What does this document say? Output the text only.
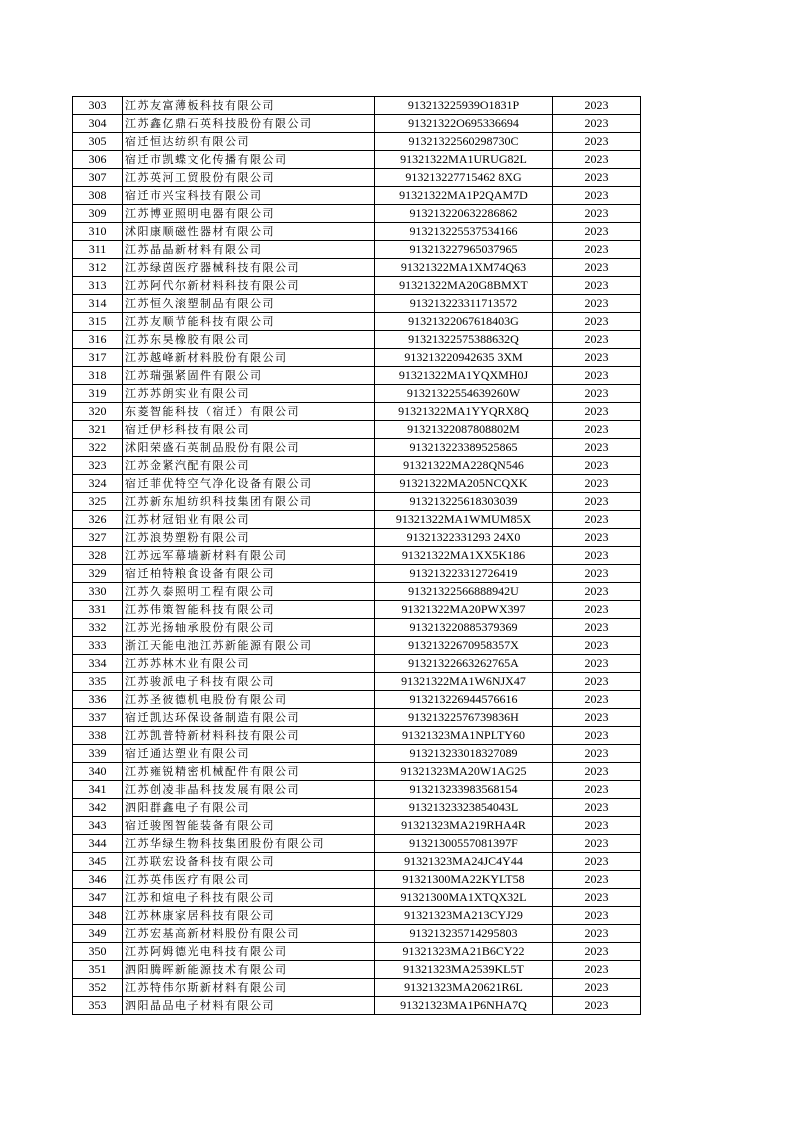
303	江苏友富薄板科技有限公司	913213225939O1831P	2023
304	江苏鑫亿鼎石英科技股份有限公司	91321322O695336694	2023
305	宿迁恒达纺织有限公司	91321322560298730C	2023
306	宿迁市凯蝶文化传播有限公司	91321322MA1URUG82L	2023
307	江苏英河工贸股份有限公司	913213227715462 8XG	2023
308	宿迁市兴宝科技有限公司	91321322MA1P2QAM7D	2023
309	江苏博亚照明电器有限公司	913213220632286862	2023
310	沭阳康顺磁性器材有限公司	913213225537534166	2023
311	江苏晶晶新材料有限公司	913213227965037965	2023
312	江苏绿茵医疗器械科技有限公司	91321322MA1XM74Q63	2023
313	江苏阿代尔新材料科技有限公司	91321322MA20G8BMXT	2023
314	江苏恒久滚塑制品有限公司	913213223311713572	2023
315	江苏友顺节能科技有限公司	91321322067618403G	2023
316	江苏东昊橡胶有限公司	91321322575388632Q	2023
317	江苏越峰新材料股份有限公司	913213220942635 3XM	2023
318	江苏瑞强紧固件有限公司	91321322MA1YQXMH0J	2023
319	江苏苏朗实业有限公司	91321322554639260W	2023
320	东菱智能科技（宿迁）有限公司	91321322MA1YYQRX8Q	2023
321	宿迁伊杉科技有限公司	91321322087808802M	2023
322	沭阳荣盛石英制品股份有限公司	913213223389525865	2023
323	江苏金紧汽配有限公司	91321322MA228QN546	2023
324	宿迁菲优特空气净化设备有限公司	91321322MA205NCQXK	2023
325	江苏新东旭纺织科技集团有限公司	913213225618303039	2023
326	江苏材冠铝业有限公司	91321322MA1WMUM85X	2023
327	江苏浪势塑粉有限公司	91321322331293 24X0	2023
328	江苏远军幕墙新材料有限公司	91321322MA1XX5K186	2023
329	宿迁柏特粮食设备有限公司	913213223312726419	2023
330	江苏久泰照明工程有限公司	91321322566888942U	2023
331	江苏伟策智能科技有限公司	91321322MA20PWX397	2023
332	江苏光扬轴承股份有限公司	913213220885379369	2023
333	浙江天能电池江苏新能源有限公司	91321322670958357X	2023
334	江苏苏林木业有限公司	91321322663262765A	2023
335	江苏骏派电子科技有限公司	91321322MA1W6NJX47	2023
336	江苏圣彼德机电股份有限公司	913213226944576616	2023
337	宿迁凯达环保设备制造有限公司	91321322576739836H	2023
338	江苏凯普特新材料科技有限公司	91321323MA1NPLTY60	2023
339	宿迁通达塑业有限公司	913213233018327089	2023
340	江苏雍锐精密机械配件有限公司	91321323MA20W1AG25	2023
341	江苏创凌非晶科技发展有限公司	913213233983568154	2023
342	泗阳群鑫电子有限公司	91321323323854043L	2023
343	宿迁骏图智能装备有限公司	91321323MA219RHA4R	2023
344	江苏华绿生物科技集团股份有限公司	91321300557081397F	2023
345	江苏联宏设备科技有限公司	91321323MA24JC4Y44	2023
346	江苏英伟医疗有限公司	91321300MA22KYLT58	2023
347	江苏和煊电子科技有限公司	91321300MA1XTQX32L	2023
348	江苏林康家居科技有限公司	91321323MA213CYJ29	2023
349	江苏宏基高新材料股份有限公司	913213235714295803	2023
350	江苏阿姆德光电科技有限公司	91321323MA21B6CY22	2023
351	泗阳腾晖新能源技术有限公司	91321323MA2539KL5T	2023
352	江苏特伟尔斯新材料有限公司	91321323MA20621R6L	2023
353	泗阳晶品电子材料有限公司	91321323MA1P6NHA7Q	2023
